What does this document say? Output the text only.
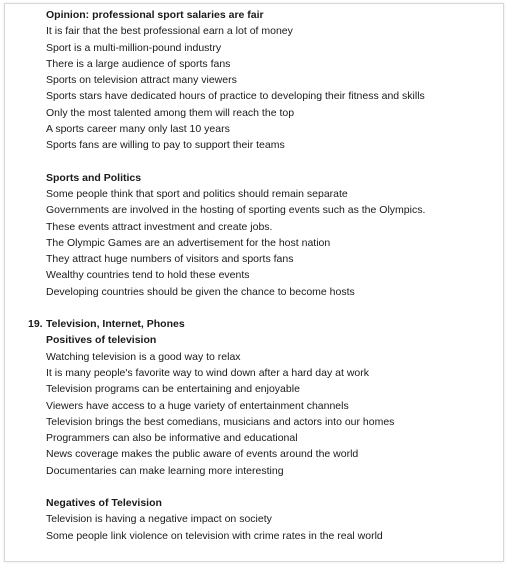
Opinion: professional sport salaries are fair
It is fair that the best professional earn a lot of money
Sport is a multi-million-pound industry
There is a large audience of sports fans
Sports on television attract many viewers
Sports stars have dedicated hours of practice to developing their fitness and skills
Only the most talented among them will reach the top
A sports career many only last 10 years
Sports fans are willing to pay to support their teams
Sports and Politics
Some people think that sport and politics should remain separate
Governments are involved in the hosting of sporting events such as the Olympics.
These events attract investment and create jobs.
The Olympic Games are an advertisement for the host nation
They attract huge numbers of visitors and sports fans
Wealthy countries tend to hold these events
Developing countries should be given the chance to become hosts
19. Television, Internet, Phones
Positives of television
Watching television is a good way to relax
It is many people's favorite way to wind down after a hard day at work
Television programs can be entertaining and enjoyable
Viewers have access to a huge variety of entertainment channels
Television brings the best comedians, musicians and actors into our homes
Programmers can also be informative and educational
News coverage makes the public aware of events around the world
Documentaries can make learning more interesting
Negatives of Television
Television is having a negative impact on society
Some people link violence on television with crime rates in the real world
